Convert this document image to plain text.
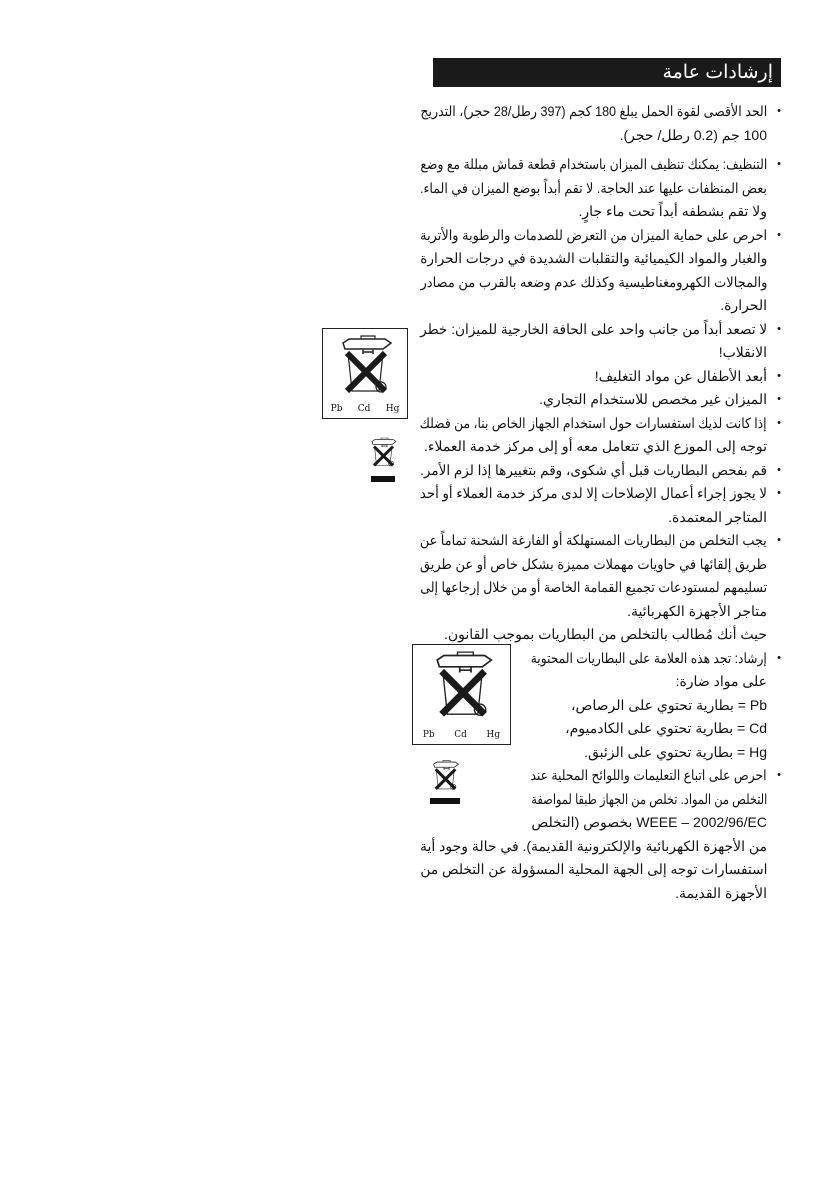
إرشادات عامة
•
الحد الأقصى لقوة الحمل يبلغ 180 كجم (397 رطل/28 حجر)، التدريج
100 جم (0.2 رطل/ حجر).
•
التنظيف: يمكنك تنظيف الميزان باستخدام قطعة قماش مبللة مع وضع
بعض المنظفات عليها عند الحاجة. لا تقم أبداً بوضع الميزان في الماء.
ولا تقم بشطفه أبداً تحت ماء جارٍ.
•
احرص على حماية الميزان من التعرض للصدمات والرطوبة والأتربة
والغبار والمواد الكيميائية والتقلبات الشديدة في درجات الحرارة
والمجالات الكهرومغناطيسية وكذلك عدم وضعه بالقرب من مصادر
الحرارة.
•
لا تصعد أبداً من جانب واحد على الحافة الخارجية للميزان: خطر
الانقلاب!
•
أبعد الأطفال عن مواد التغليف!
•
الميزان غير مخصص للاستخدام التجاري.
•
إذا كانت لديك استفسارات حول استخدام الجهاز الخاص بنا، من فضلك
توجه إلى الموزع الذي تتعامل معه أو إلى مركز خدمة العملاء.
•
قم بفحص البطاريات قبل أي شكوى، وقم بتغييرها إذا لزم الأمر.
•
لا يجوز إجراء أعمال الإصلاحات إلا لدى مركز خدمة العملاء أو أحد
المتاجر المعتمدة.
•
يجب التخلص من البطاريات المستهلكة أو الفارغة الشحنة تماماً عن
طريق إلقائها في حاويات مهملات مميزة بشكل خاص أو عن طريق
تسليمهم لمستودعات تجميع القمامة الخاصة أو من خلال إرجاعها إلى
متاجر الأجهزة الكهربائية.
حيث أنك مُطالب بالتخلص من البطاريات بموجب القانون.
•
إرشاد: تجد هذه العلامة على البطاريات المحتوية
على مواد ضارة:
Pb = بطارية تحتوي على الرصاص،
Cd = بطارية تحتوي على الكادميوم،
Hg = بطارية تحتوي على الزئبق.
•
احرص على اتباع التعليمات واللوائح المحلية عند
التخلص من المواد. تخلص من الجهاز طبقا لمواصفة
WEEE – 2002/96/EC بخصوص (التخلص
من الأجهزة الكهربائية والإلكترونية القديمة). في حالة وجود أية
استفسارات توجه إلى الجهة المحلية المسؤولة عن التخلص من
الأجهزة القديمة.
Pb Cd Hg
Pb Cd Hg
